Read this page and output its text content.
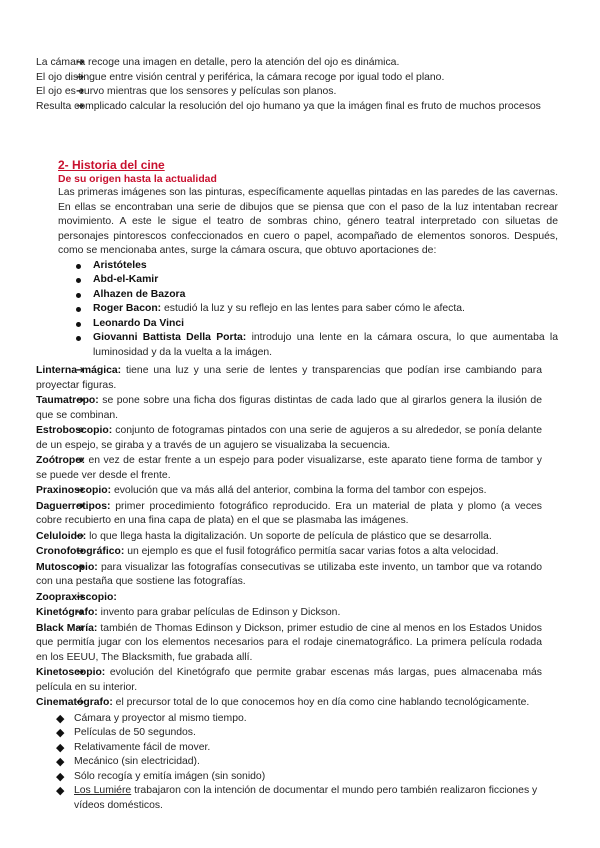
➔ La cámara recoge una imagen en detalle, pero la atención del ojo es dinámica.
➔ El ojo distingue entre visión central y periférica, la cámara recoge por igual todo el plano.
➔ El ojo es curvo mientras que los sensores y películas son planos.
➔ Resulta complicado calcular la resolución del ojo humano ya que la imágen final es fruto de muchos procesos
2- Historia del cine
De su origen hasta la actualidad

Las primeras imágenes son las pinturas, específicamente aquellas pintadas en las paredes de las cavernas. En ellas se encontraban una serie de dibujos que se piensa que con el paso de la luz intentaban recrear movimiento. A este le sigue el teatro de sombras chino, género teatral interpretado con siluetas de personajes pintorescos confeccionados en cuero o papel, acompañado de elementos sonoros. Después, como se mencionaba antes, surge la cámara oscura, que obtuvo aportaciones de:

Aristóteles
Abd-el-Kamir
Alhazen de Bazora
Roger Bacon: estudió la luz y su reflejo en las lentes para saber cómo le afecta.
Leonardo Da Vinci
Giovanni Battista Della Porta: introdujo una lente en la cámara oscura, lo que aumentaba la luminosidad y da la vuelta a la imágen.
➔ Linterna mágica: tiene una luz y una serie de lentes y transparencias que podían irse cambiando para proyectar figuras.
➔ Taumatropo: se pone sobre una ficha dos figuras distintas de cada lado que al girarlos genera la ilusión de que se combinan.
➔ Estroboscopio: conjunto de fotogramas pintados con una serie de agujeros a su alrededor, se ponía delante de un espejo, se giraba y a través de un agujero se visualizaba la secuencia.
➔ Zoótropo: en vez de estar frente a un espejo para poder visualizarse, este aparato tiene forma de tambor y se puede ver desde el frente.
➔ Praxinoscopio: evolución que va más allá del anterior, combina la forma del tambor con espejos.
➔ Daguerrotipos: primer procedimiento fotográfico reproducido. Era un material de plata y plomo (a veces cobre recubierto en una fina capa de plata) en el que se plasmaba las imágenes.
➔ Celuloide: lo que llega hasta la digitalización. Un soporte de película de plástico que se desarrolla.
➔ Cronofotográfico: un ejemplo es que el fusil fotográfico permitía sacar varias fotos a alta velocidad.
➔ Mutoscopio: para visualizar las fotografías consecutivas se utilizaba este invento, un tambor que va rotando con una pestaña que sostiene las fotografías.
➔ Zoopraxiscopio:
➔ Kinetógrafo: invento para grabar películas de Edinson y Dickson.
➔ Black María: también de Thomas Edinson y Dickson, primer estudio de cine al menos en los Estados Unidos que permitía jugar con los elementos necesarios para el rodaje cinematográfico. La primera película rodada en los EEUU, The Blacksmith, fue grabada allí.
➔ Kinetoscopio: evolución del Kinetógrafo que permite grabar escenas más largas, pues almacenaba más película en su interior.
➔ Cinematógrafo: el precursor total de lo que conocemos hoy en día como cine hablando tecnológicamente.
◆ Cámara y proyector al mismo tiempo.
◆ Películas de 50 segundos.
◆ Relativamente fácil de mover.
◆ Mecánico (sin electricidad).
◆ Sólo recogía y emitía imágen (sin sonido)
◆ Los Lumiére trabajaron con la intención de documentar el mundo pero también realizaron ficciones y vídeos domésticos.
